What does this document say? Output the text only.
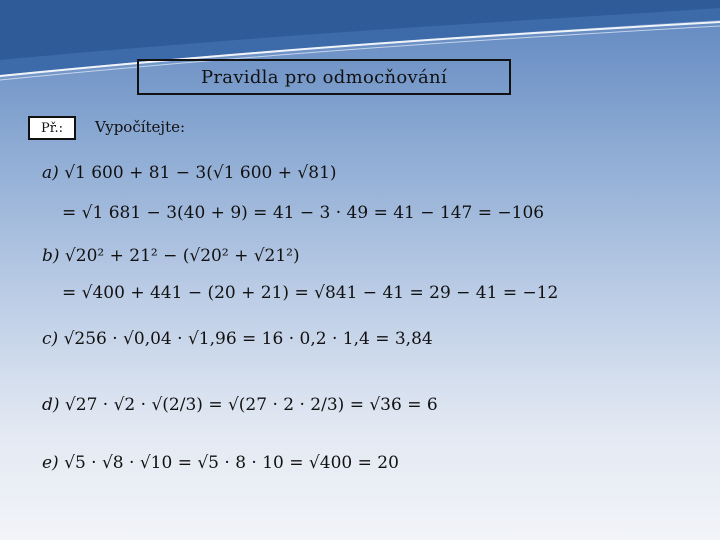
Pravidla pro odmocňování
Př.:	Vypočítejte:
a) √1 600 + 81 − 3(√1 600 + √81)
= √1 681 − 3(40 + 9) = 41 − 3 · 49 = 41 − 147 = −106
b) √20² + 21² − (√20² + √21²)
= √400 + 441 − (20 + 21) = √841 − 41 = 29 − 41 = −12
c) √256 · √0,04 · √1,96 = 16 · 0,2 · 1,4 = 3,84
d) √27 · √2 · √(2/3) = √(27 · 2 · 2/3) = √36 = 6
e) √5 · √8 · √10 = √5 · 8 · 10 = √400 = 20
